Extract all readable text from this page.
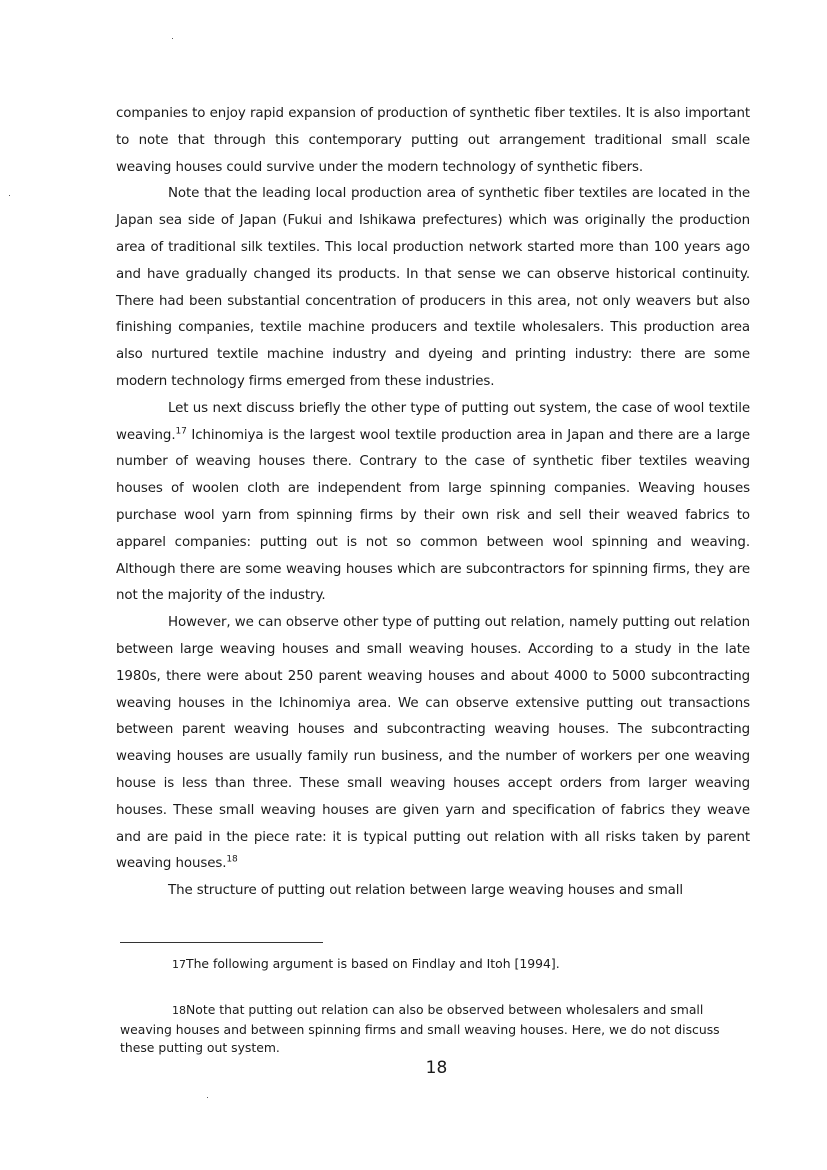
companies to enjoy rapid expansion of production of synthetic fiber textiles. It is also important to note that through this contemporary putting out arrangement traditional small scale weaving houses could survive under the modern technology of synthetic fibers.

Note that the leading local production area of synthetic fiber textiles are located in the Japan sea side of Japan (Fukui and Ishikawa prefectures) which was originally the production area of traditional silk textiles. This local production network started more than 100 years ago and have gradually changed its products. In that sense we can observe historical continuity. There had been substantial concentration of producers in this area, not only weavers but also finishing companies, textile machine producers and textile wholesalers. This production area also nurtured textile machine industry and dyeing and printing industry: there are some modern technology firms emerged from these industries.

Let us next discuss briefly the other type of putting out system, the case of wool textile weaving.$^{17}$ Ichinomiya is the largest wool textile production area in Japan and there are a large number of weaving houses there. Contrary to the case of synthetic fiber textiles weaving houses of woolen cloth are independent from large spinning companies. Weaving houses purchase wool yarn from spinning firms by their own risk and sell their weaved fabrics to apparel companies: putting out is not so common between wool spinning and weaving. Although there are some weaving houses which are subcontractors for spinning firms, they are not the majority of the industry.

However, we can observe other type of putting out relation, namely putting out relation between large weaving houses and small weaving houses. According to a study in the late 1980s, there were about 250 parent weaving houses and about 4000 to 5000 subcontracting weaving houses in the Ichinomiya area. We can observe extensive putting out transactions between parent weaving houses and subcontracting weaving houses. The subcontracting weaving houses are usually family run business, and the number of workers per one weaving house is less than three. These small weaving houses accept orders from larger weaving houses. These small weaving houses are given yarn and specification of fabrics they weave and are paid in the piece rate: it is typical putting out relation with all risks taken by parent weaving houses.$^{18}$

The structure of putting out relation between large weaving houses and small

17The following argument is based on Findlay and Itoh [1994].

18Note that putting out relation can also be observed between wholesalers and small weaving houses and between spinning firms and small weaving houses. Here, we do not discuss these putting out system.

18
